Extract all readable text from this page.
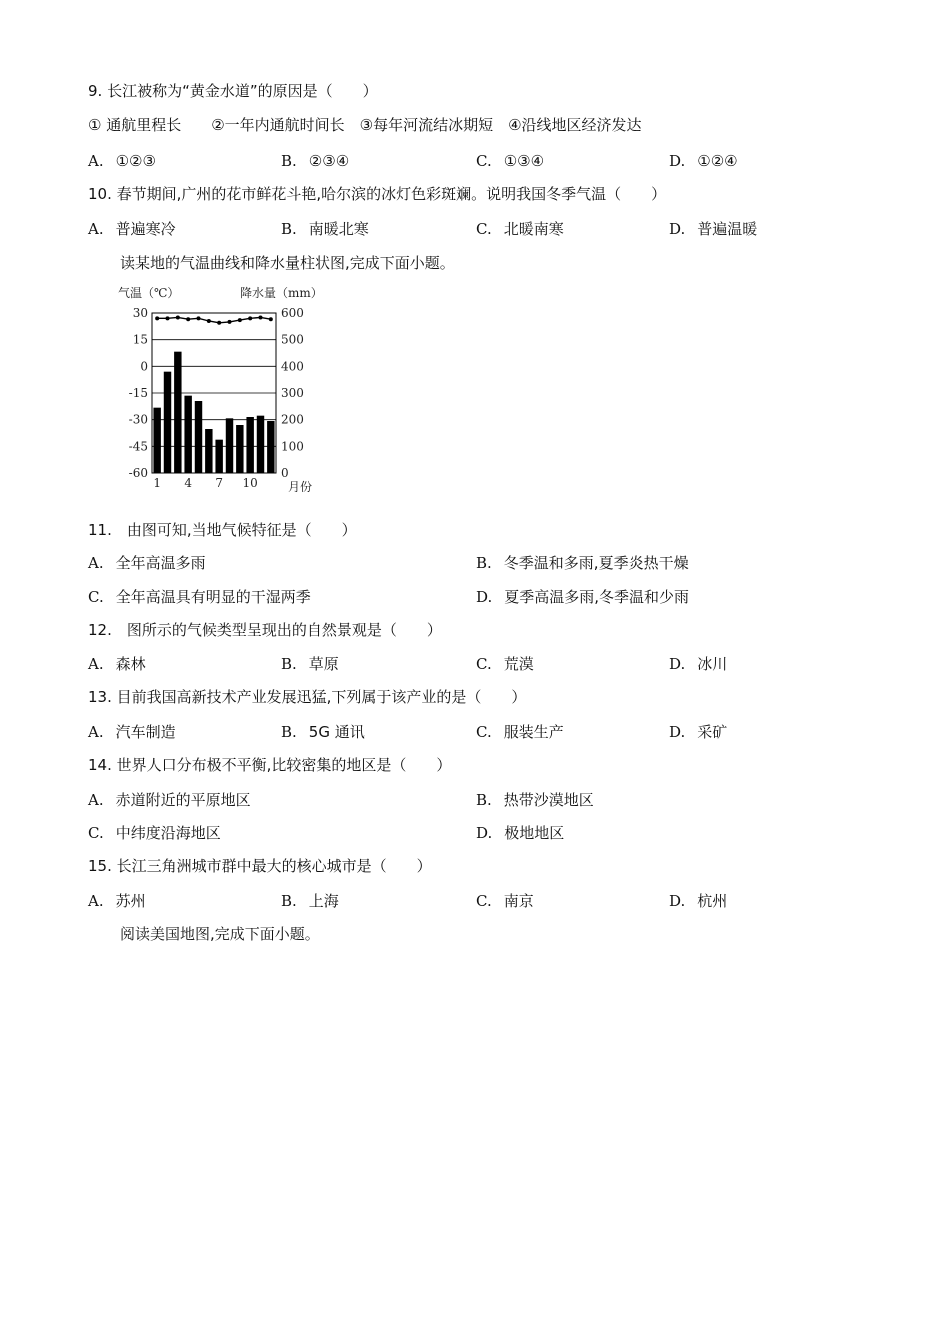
9. 长江被称为“黄金水道”的原因是（　　）
① 通航里程长　　②一年内通航时间长　③每年河流结冰期短　④沿线地区经济发达
A. ①②③	B. ②③④	C. ①③④	D. ①②④
10. 春节期间,广州的花市鲜花斗艳,哈尔滨的冰灯色彩斑斓。说明我国冬季气温（　　）
A. 普遍寒冷	B. 南暖北寒	C. 北暖南寒	D. 普遍温暖
读某地的气温曲线和降水量柱状图,完成下面小题。
气温（℃）	降水量（mm）
30
15
0
-15
-30
-45
-60
600
500
400
300
200
100
0
1 4 7 10	月份
11.　由图可知,当地气候特征是（　　）
A. 全年高温多雨	B. 冬季温和多雨,夏季炎热干燥
C. 全年高温具有明显的干湿两季	D. 夏季高温多雨,冬季温和少雨
12.　图所示的气候类型呈现出的自然景观是（　　）
A. 森林	B. 草原	C. 荒漠	D. 冰川
13. 目前我国高新技术产业发展迅猛,下列属于该产业的是（　　）
A. 汽车制造	B. 5G 通讯	C. 服装生产	D. 采矿
14. 世界人口分布极不平衡,比较密集的地区是（　　）
A. 赤道附近的平原地区	B. 热带沙漠地区
C. 中纬度沿海地区	D. 极地地区
15. 长江三角洲城市群中最大的核心城市是（　　）
A. 苏州	B. 上海	C. 南京	D. 杭州
阅读美国地图,完成下面小题。
